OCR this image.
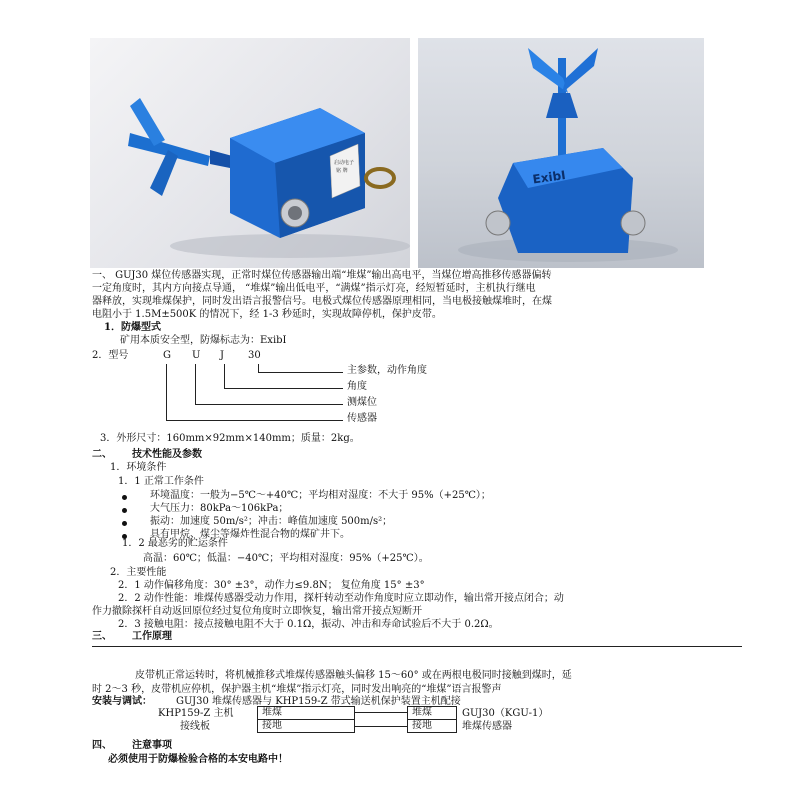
启动电子
铭 牌	ExibI
一、 GUJ30 煤位传感器实现，正常时煤位传感器输出端“堆煤”输出高电平，当煤位增高推移传感器偏转
一定角度时，其内方向接点导通， “堆煤”输出低电平，“满煤”指示灯亮，经短暂延时，主机执行继电
器释放，实现堆煤保护，同时发出语言报警信号。电极式煤位传感器原理相同，当电极接触煤堆时，在煤
电阻小于 1.5M±500K 的情况下，经 1-3 秒延时，实现故障停机，保护皮带。
1．防爆型式
矿用本质安全型，防爆标志为：ExibI
2．型号	G U J 30
主参数，动作角度
角度
测煤位
传感器
3．外形尺寸：160mm×92mm×140mm；质量：2kg。
二、 技术性能及参数
1．环境条件
1．1 正常工作条件
环境温度：一般为−5℃～+40℃；平均相对湿度：不大于 95%（+25℃）；
大气压力：80kPa～106kPa；
振动：加速度 50m/s²；冲击：峰值加速度 500m/s²；
具有甲烷、煤尘等爆炸性混合物的煤矿井下。
1．2 最恶劣的贮运条件
高温：60℃；低温：−40℃；平均相对湿度：95%（+25℃）。
2．主要性能
2．1 动作偏移角度：30° ±3°，动作力≤9.8N； 复位角度 15° ±3°
2．2 动作性能：堆煤传感器受动力作用，探杆转动至动作角度时应立即动作，输出常开接点闭合；动
作力撤除探杆自动返回原位经过复位角度时立即恢复，输出常开接点短断开
2．3 接触电阻：接点接触电阻不大于 0.1Ω，振动、冲击和寿命试验后不大于 0.2Ω。
三、 工作原理
皮带机正常运转时，将机械推移式堆煤传感器触头偏移 15～60° 或在两根电极同时接触到煤时，延
时 2～3 秒，皮带机应停机，保护器主机“堆煤”指示灯亮，同时发出响亮的“堆煤”语言报警声
安装与调试： GUJ30 堆煤传感器与 KHP159-Z 带式输送机保护装置主机配接
KHP159-Z 主机
接线板
堆煤
接地
堆煤
接地
GUJ30（KGU-1）
堆煤传感器
四、 注意事项
必须使用于防爆检验合格的本安电路中！
